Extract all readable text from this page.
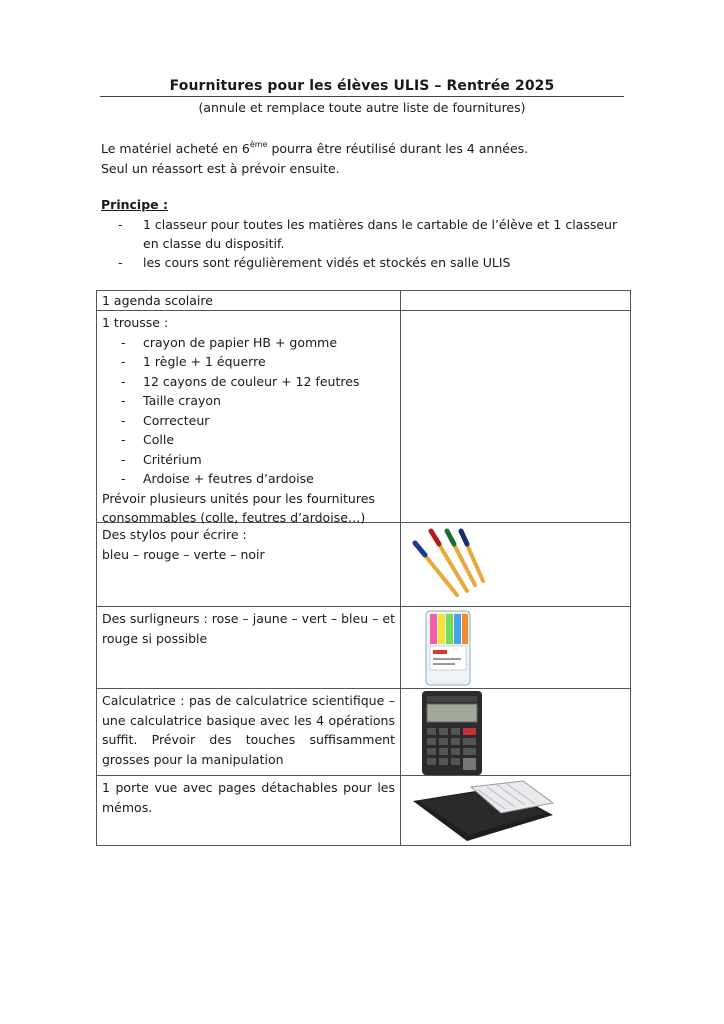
Fournitures pour les élèves ULIS – Rentrée 2025
(annule et remplace toute autre liste de fournitures)
Le matériel acheté en 6ème pourra être réutilisé durant les 4 années.
Seul un réassort est à prévoir ensuite.
Principe :
-	1 classeur pour toutes les matières dans le cartable de l’élève et 1 classeur en classe du dispositif.
-	les cours sont régulièrement vidés et stockés en salle ULIS
1 agenda scolaire
1 trousse :
-	crayon de papier HB + gomme
-	1 règle + 1 équerre
-	12 cayons de couleur + 12 feutres
-	Taille crayon
-	Correcteur
-	Colle
-	Critérium
-	Ardoise + feutres d’ardoise
Prévoir plusieurs unités pour les fournitures consommables (colle, feutres d’ardoise…)
Des stylos pour écrire :
bleu – rouge – verte – noir
Des surligneurs : rose – jaune – vert – bleu – et rouge si possible
Calculatrice : pas de calculatrice scientifique – une calculatrice basique avec les 4 opérations suffit. Prévoir des touches suffisamment grosses pour la manipulation
1 porte vue avec pages détachables pour les mémos.
